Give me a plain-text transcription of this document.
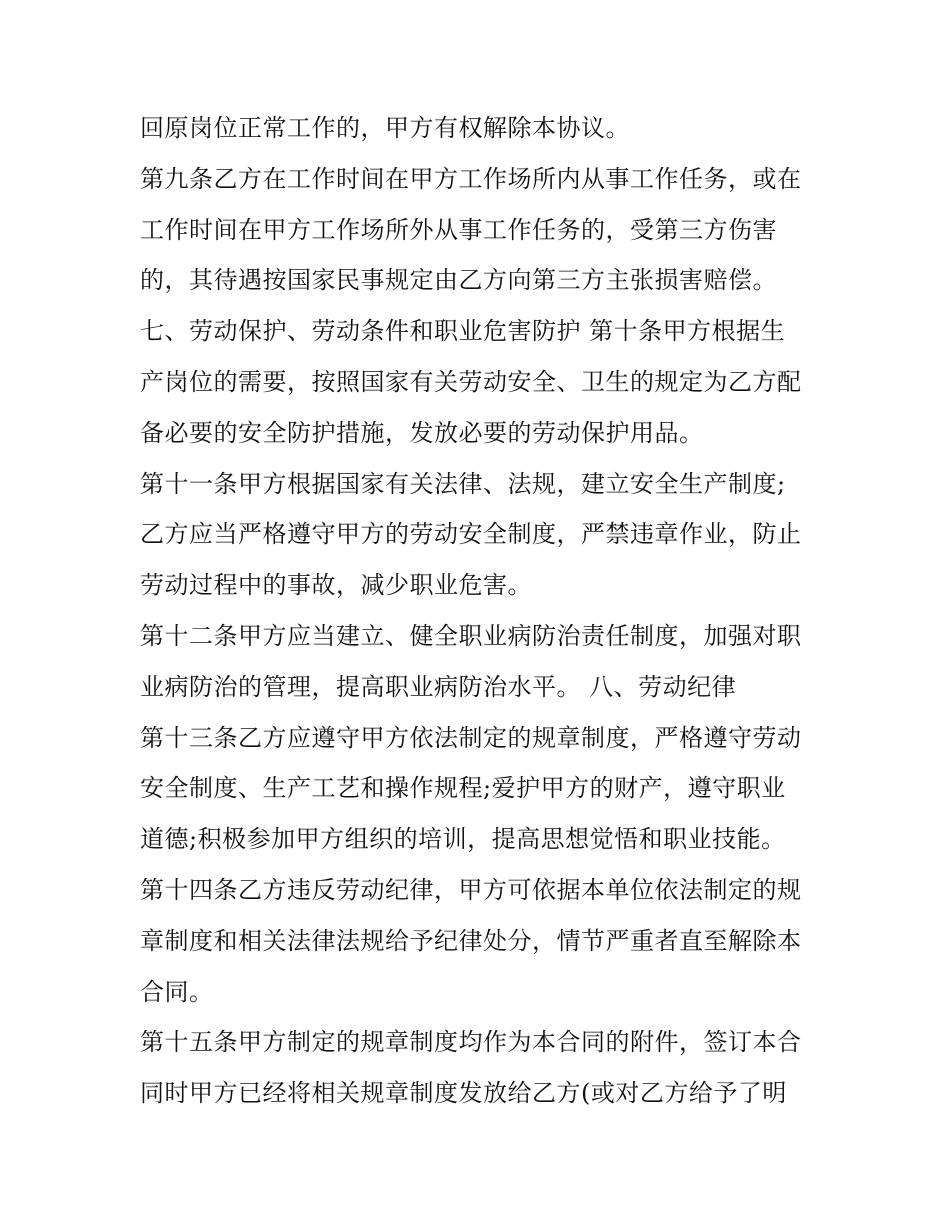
回原岗位正常工作的，甲方有权解除本协议。
第九条乙方在工作时间在甲方工作场所内从事工作任务，或在
工作时间在甲方工作场所外从事工作任务的，受第三方伤害
的，其待遇按国家民事规定由乙方向第三方主张损害赔偿。
七、劳动保护、劳动条件和职业危害防护 第十条甲方根据生
产岗位的需要，按照国家有关劳动安全、卫生的规定为乙方配
备必要的安全防护措施，发放必要的劳动保护用品。
第十一条甲方根据国家有关法律、法规，建立安全生产制度;
乙方应当严格遵守甲方的劳动安全制度，严禁违章作业，防止
劳动过程中的事故，减少职业危害。
第十二条甲方应当建立、健全职业病防治责任制度，加强对职
业病防治的管理，提高职业病防治水平。 八、劳动纪律
第十三条乙方应遵守甲方依法制定的规章制度，严格遵守劳动
安全制度、生产工艺和操作规程;爱护甲方的财产，遵守职业
道德;积极参加甲方组织的培训，提高思想觉悟和职业技能。
第十四条乙方违反劳动纪律，甲方可依据本单位依法制定的规
章制度和相关法律法规给予纪律处分，情节严重者直至解除本
合同。
第十五条甲方制定的规章制度均作为本合同的附件，签订本合
同时甲方已经将相关规章制度发放给乙方(或对乙方给予了明
